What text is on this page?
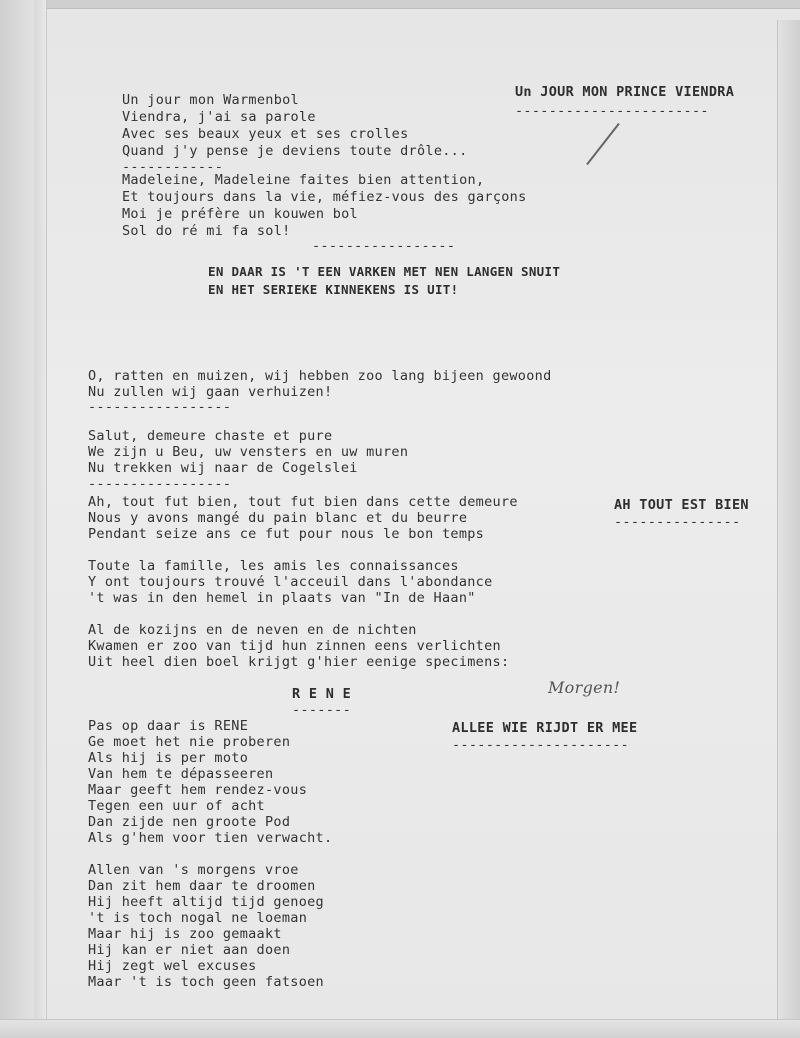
Un JOUR MON PRINCE VIENDRA
-----------------------
Un jour mon Warmenbol
Viendra, j'ai sa parole
Avec ses beaux yeux et ses crolles
Quand j'y pense je deviens toute drôle...
------------
Madeleine, Madeleine faites bien attention,
Et toujours dans la vie, méfiez-vous des garçons
Moi je préfère un kouwen bol
Sol do ré mi fa sol!
-----------------
EN DAAR IS 'T EEN VARKEN MET NEN LANGEN SNUIT
EN HET SERIEKE KINNEKENS IS UIT!
O, ratten en muizen, wij hebben zoo lang bijeen gewoond
Nu zullen wij gaan verhuizen!
-----------------
Salut, demeure chaste et pure
We zijn u Beu, uw vensters en uw muren
Nu trekken wij naar de Cogelslei
-----------------
Ah, tout fut bien, tout fut bien dans cette demeure
Nous y avons mangé du pain blanc et du beurre
Pendant seize ans ce fut pour nous le bon temps
AH TOUT EST BIEN
---------------
Toute la famille, les amis les connaissances
Y ont toujours trouvé l'acceuil dans l'abondance
't was in den hemel in plaats van "In de Haan"
Al de kozijns en de neven en de nichten
Kwamen er zoo van tijd hun zinnen eens verlichten
Uit heel dien boel krijgt g'hier eenige specimens:
R E N E
-------
Morgen!
ALLEE WIE RIJDT ER MEE
---------------------
Pas op daar is RENE
Ge moet het nie proberen
Als hij is per moto
Van hem te dépasseeren
Maar geeft hem rendez-vous
Tegen een uur of acht
Dan zijde nen groote Pod
Als g'hem voor tien verwacht.
Allen van 's morgens vroe
Dan zit hem daar te droomen
Hij heeft altijd tijd genoeg
't is toch nogal ne loeman
Maar hij is zoo gemaakt
Hij kan er niet aan doen
Hij zegt wel excuses
Maar 't is toch geen fatsoen
